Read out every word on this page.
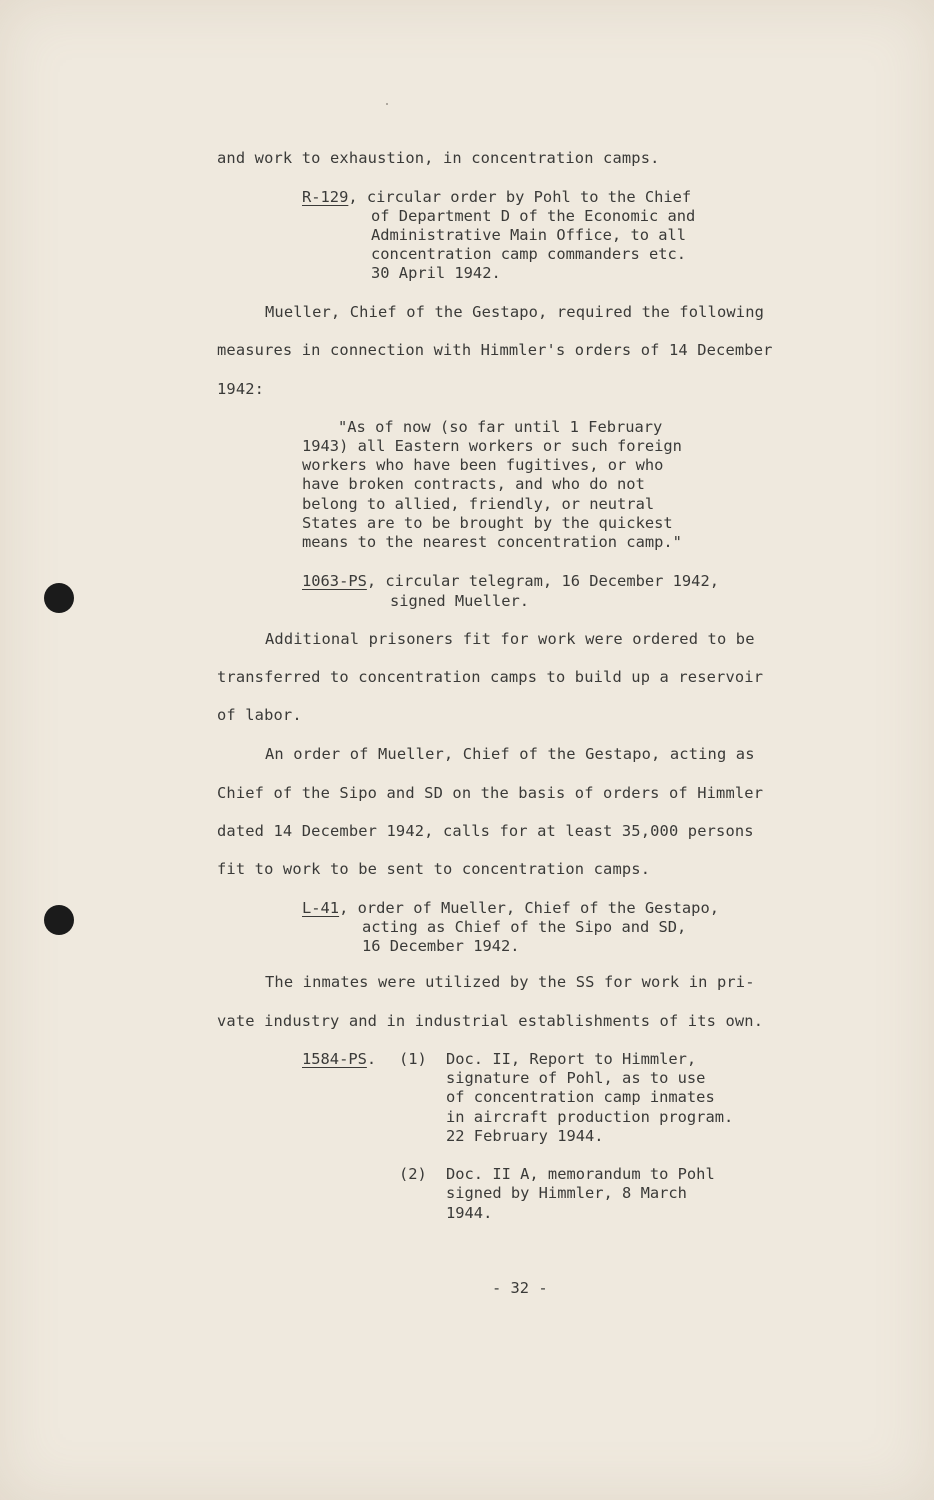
and work to exhaustion, in concentration camps.
R-129, circular order by Pohl to the Chief
of Department D of the Economic and
Administrative Main Office, to all
concentration camp commanders etc.
30 April 1942.
Mueller, Chief of the Gestapo, required the following
measures in connection with Himmler's orders of 14 December
1942:
"As of now (so far until 1 February
1943) all Eastern workers or such foreign
workers who have been fugitives, or who
have broken contracts, and who do not
belong to allied, friendly, or neutral
States are to be brought by the quickest
means to the nearest concentration camp."
1063-PS, circular telegram, 16 December 1942,
signed Mueller.
Additional prisoners fit for work were ordered to be
transferred to concentration camps to build up a reservoir
of labor.
An order of Mueller, Chief of the Gestapo, acting as
Chief of the Sipo and SD on the basis of orders of Himmler
dated 14 December 1942, calls for at least 35,000 persons
fit to work to be sent to concentration camps.
L-41, order of Mueller, Chief of the Gestapo,
acting as Chief of the Sipo and SD,
16 December 1942.
The inmates were utilized by the SS for work in pri-
vate industry and in industrial establishments of its own.
1584-PS. (1) Doc. II, Report to Himmler,
signature of Pohl, as to use
of concentration camp inmates
in aircraft production program.
22 February 1944.
(2) Doc. II A, memorandum to Pohl
signed by Himmler, 8 March
1944.
- 32 -
